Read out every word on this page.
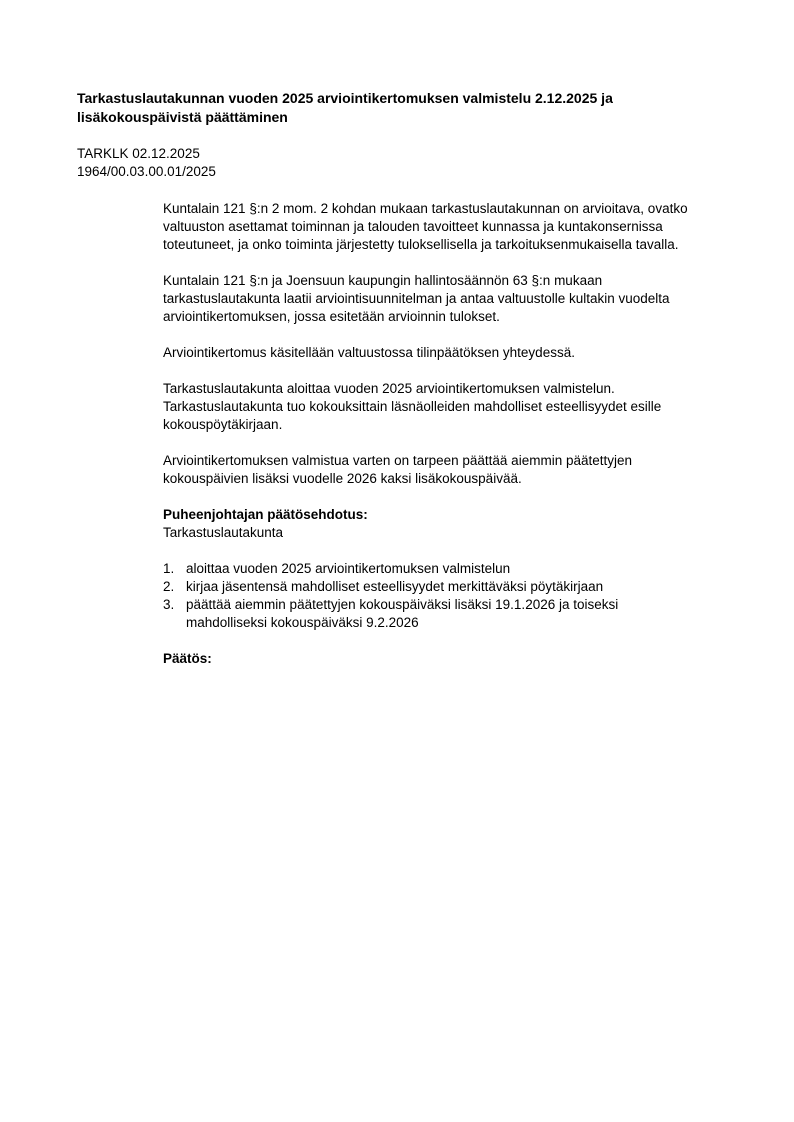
Tarkastuslautakunnan vuoden 2025 arviointikertomuksen valmistelu 2.12.2025 ja lisäkokouspäivistä päättäminen
TARKLK 02.12.2025
1964/00.03.00.01/2025

Kuntalain 121 §:n 2 mom. 2 kohdan mukaan tarkastuslautakunnan on arvioitava, ovatko valtuuston asettamat toiminnan ja talouden tavoitteet kunnassa ja kuntakonsernissa toteutuneet, ja onko toiminta järjestetty tuloksellisella ja tarkoituksenmukaisella tavalla.

Kuntalain 121 §:n ja Joensuun kaupungin hallintosäännön 63 §:n mukaan tarkastuslautakunta laatii arviointisuunnitelman ja antaa valtuustolle kultakin vuodelta arviointikertomuksen, jossa esitetään arvioinnin tulokset.

Arviointikertomus käsitellään valtuustossa tilinpäätöksen yhteydessä.

Tarkastuslautakunta aloittaa vuoden 2025 arviointikertomuksen valmistelun. Tarkastuslautakunta tuo kokouksittain läsnäolleiden mahdolliset esteellisyydet esille kokouspöytäkirjaan.

Arviointikertomuksen valmistua varten on tarpeen päättää aiemmin päätettyjen kokouspäivien lisäksi vuodelle 2026 kaksi lisäkokouspäivää.

Puheenjohtajan päätösehdotus:
Tarkastuslautakunta
1. aloittaa vuoden 2025 arviointikertomuksen valmistelun
2. kirjaa jäsentensä mahdolliset esteellisyydet merkittäväksi pöytäkirjaan
3. päättää aiemmin päätettyjen kokouspäiväksi lisäksi 19.1.2026 ja toiseksi mahdolliseksi kokouspäiväksi 9.2.2026
Päätös:
